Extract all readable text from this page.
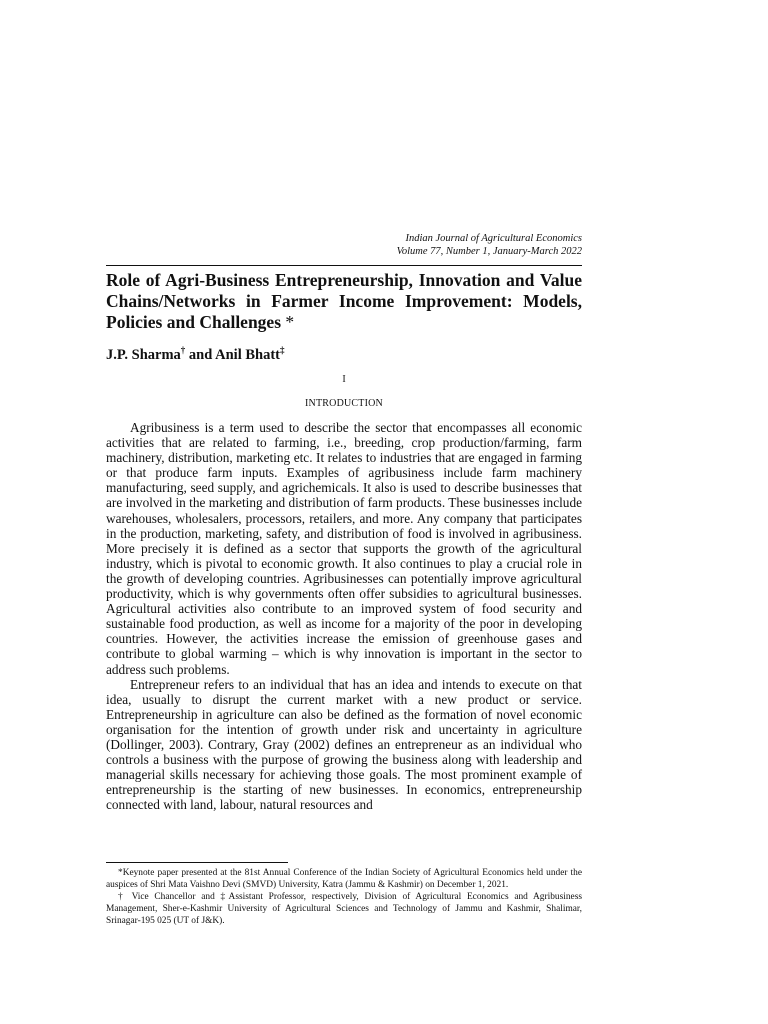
Indian Journal of Agricultural Economics
Volume 77, Number 1, January-March 2022
Role of Agri-Business Entrepreneurship, Innovation and Value Chains/Networks in Farmer Income Improvement: Models, Policies and Challenges *

J.P. Sharma† and Anil Bhatt‡

I
INTRODUCTION

Agribusiness is a term used to describe the sector that encompasses all economic activities that are related to farming, i.e., breeding, crop production/farming, farm machinery, distribution, marketing etc. It relates to industries that are engaged in farming or that produce farm inputs. Examples of agribusiness include farm machinery manufacturing, seed supply, and agrichemicals. It also is used to describe businesses that are involved in the marketing and distribution of farm products. These businesses include warehouses, wholesalers, processors, retailers, and more. Any company that participates in the production, marketing, safety, and distribution of food is involved in agribusiness. More precisely it is defined as a sector that supports the growth of the agricultural industry, which is pivotal to economic growth. It also continues to play a crucial role in the growth of developing countries. Agribusinesses can potentially improve agricultural productivity, which is why governments often offer subsidies to agricultural businesses. Agricultural activities also contribute to an improved system of food security and sustainable food production, as well as income for a majority of the poor in developing countries. However, the activities increase the emission of greenhouse gases and contribute to global warming – which is why innovation is important in the sector to address such problems.

Entrepreneur refers to an individual that has an idea and intends to execute on that idea, usually to disrupt the current market with a new product or service. Entrepreneurship in agriculture can also be defined as the formation of novel economic organisation for the intention of growth under risk and uncertainty in agriculture (Dollinger, 2003). Contrary, Gray (2002) defines an entrepreneur as an individual who controls a business with the purpose of growing the business along with leadership and managerial skills necessary for achieving those goals. The most prominent example of entrepreneurship is the starting of new businesses. In economics, entrepreneurship connected with land, labour, natural resources and

*Keynote paper presented at the 81st Annual Conference of the Indian Society of Agricultural Economics held under the auspices of Shri Mata Vaishno Devi (SMVD) University, Katra (Jammu & Kashmir) on December 1, 2021.

† Vice Chancellor and ‡Assistant Professor, respectively, Division of Agricultural Economics and Agribusiness Management, Sher-e-Kashmir University of Agricultural Sciences and Technology of Jammu and Kashmir, Shalimar, Srinagar-195 025 (UT of J&K).
